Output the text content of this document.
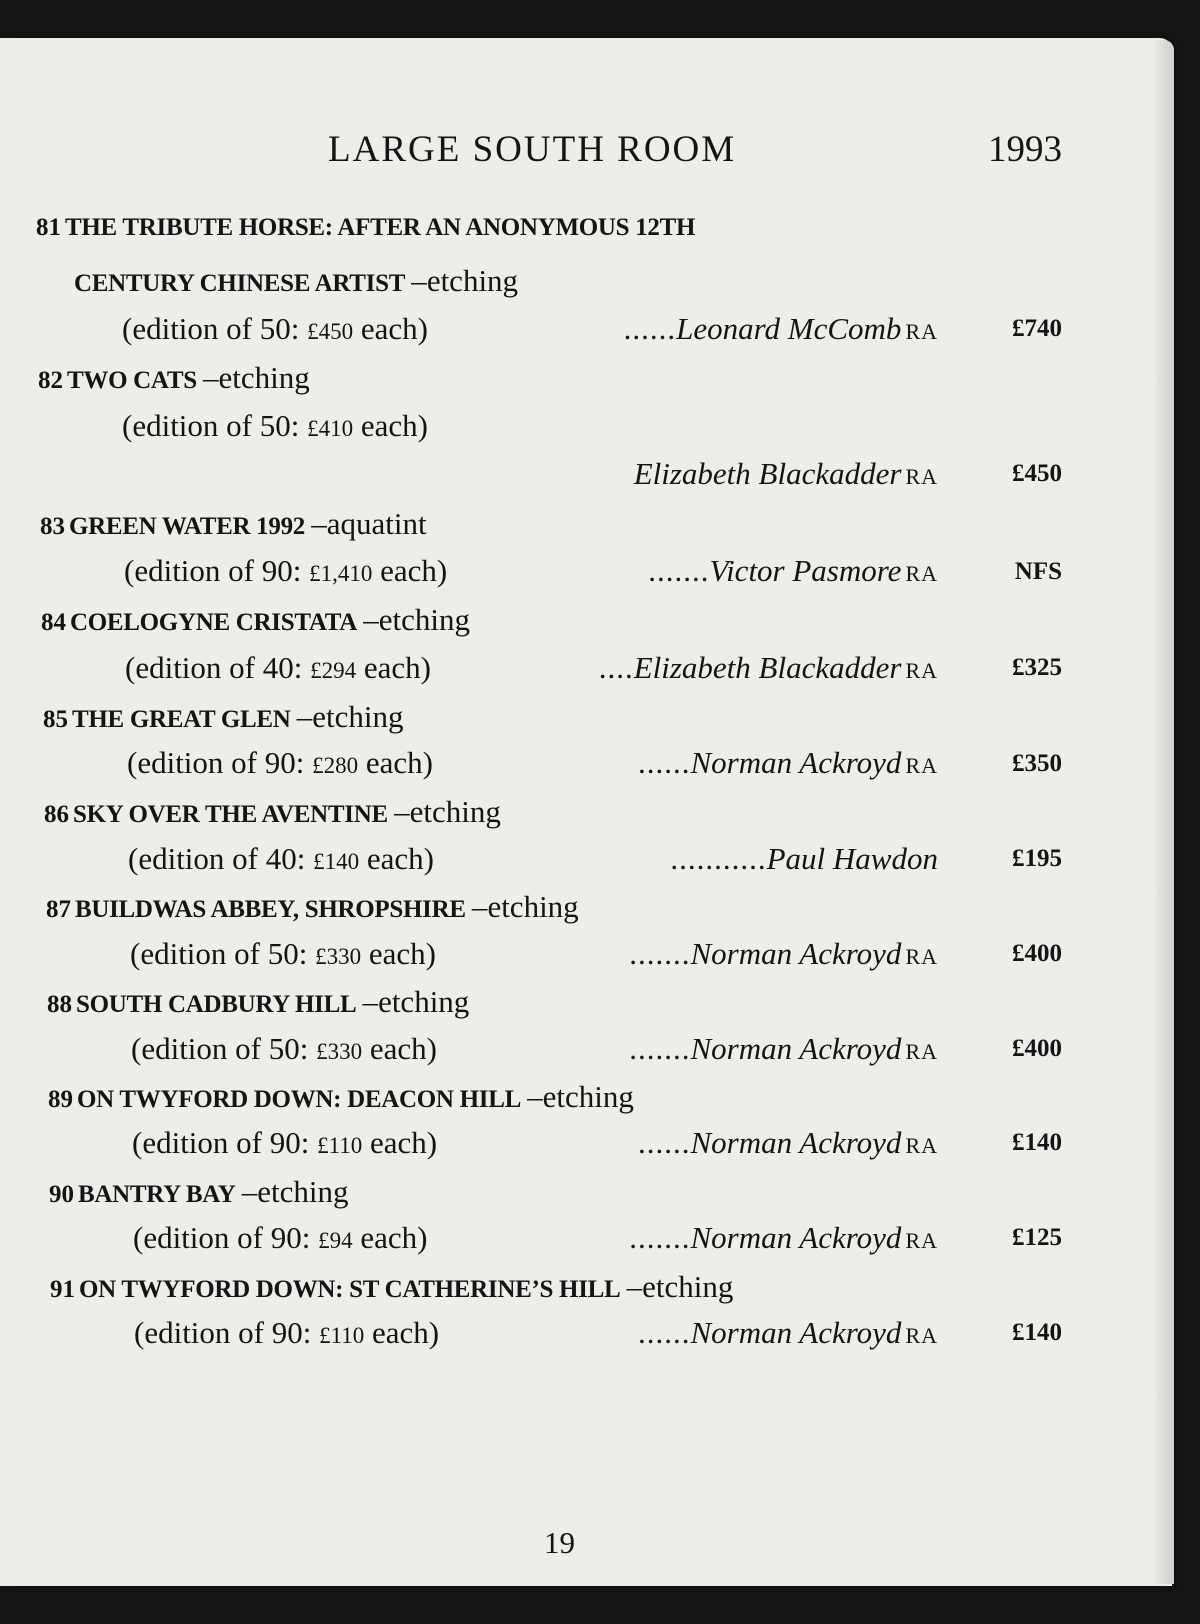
LARGE SOUTH ROOM	1993
81 THE TRIBUTE HORSE: AFTER AN ANONYMOUS 12TH
CENTURY CHINESE ARTIST –etching
(edition of 50: £450 each)	......Leonard McComb RA	£740
82 TWO CATS –etching
(edition of 50: £410 each)
Elizabeth Blackadder RA	£450
83 GREEN WATER 1992 –aquatint
(edition of 90: £1,410 each)	.......Victor Pasmore RA	NFS
84 COELOGYNE CRISTATA –etching
(edition of 40: £294 each)	....Elizabeth Blackadder RA	£325
85 THE GREAT GLEN –etching
(edition of 90: £280 each)	......Norman Ackroyd RA	£350
86 SKY OVER THE AVENTINE –etching
(edition of 40: £140 each)	...........Paul Hawdon	£195
87 BUILDWAS ABBEY, SHROPSHIRE –etching
(edition of 50: £330 each)	.......Norman Ackroyd RA	£400
88 SOUTH CADBURY HILL –etching
(edition of 50: £330 each)	.......Norman Ackroyd RA	£400
89 ON TWYFORD DOWN: DEACON HILL –etching
(edition of 90: £110 each)	......Norman Ackroyd RA	£140
90 BANTRY BAY –etching
(edition of 90: £94 each)	.......Norman Ackroyd RA	£125
91 ON TWYFORD DOWN: ST CATHERINE’S HILL –etching
(edition of 90: £110 each)	......Norman Ackroyd RA	£140
19
